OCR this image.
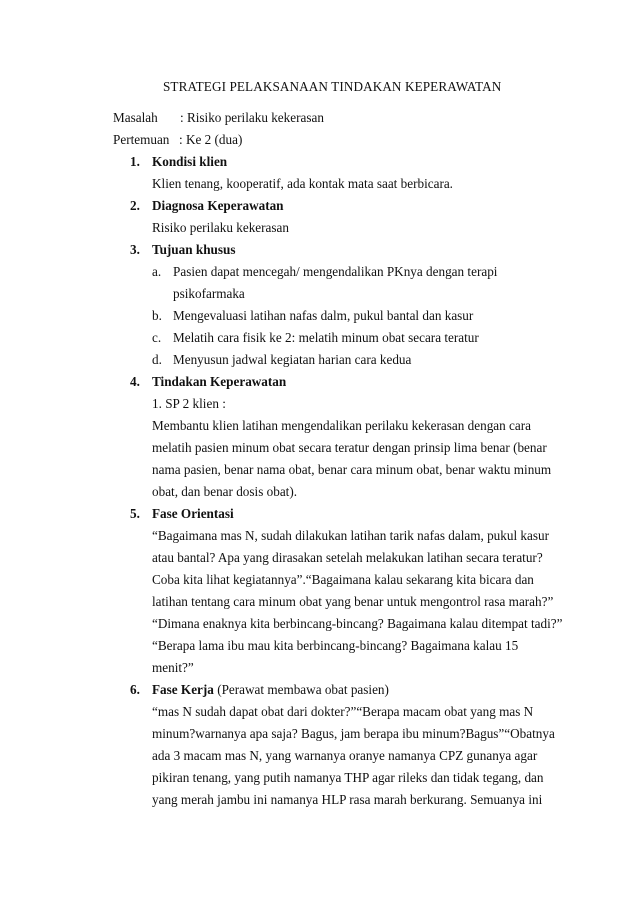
STRATEGI PELAKSANAAN TINDAKAN KEPERAWATAN
Masalah : Risiko perilaku kekerasan
Pertemuan : Ke 2 (dua)
1. Kondisi klien
Klien tenang, kooperatif, ada kontak mata saat berbicara.
2. Diagnosa Keperawatan
Risiko perilaku kekerasan
3. Tujuan khusus
a. Pasien dapat mencegah/ mengendalikan PKnya dengan terapi
psikofarmaka
b. Mengevaluasi latihan nafas dalm, pukul bantal dan kasur
c. Melatih cara fisik ke 2: melatih minum obat secara teratur
d. Menyusun jadwal kegiatan harian cara kedua
4. Tindakan Keperawatan
1. SP 2 klien :
Membantu klien latihan mengendalikan perilaku kekerasan dengan cara
melatih pasien minum obat secara teratur dengan prinsip lima benar (benar
nama pasien, benar nama obat, benar cara minum obat, benar waktu minum
obat, dan benar dosis obat).
5. Fase Orientasi
“Bagaimana mas N, sudah dilakukan latihan tarik nafas dalam, pukul kasur
atau bantal? Apa yang dirasakan setelah melakukan latihan secara teratur?
Coba kita lihat kegiatannya”.“Bagaimana kalau sekarang kita bicara dan
latihan tentang cara minum obat yang benar untuk mengontrol rasa marah?”
“Dimana enaknya kita berbincang-bincang? Bagaimana kalau ditempat tadi?”
“Berapa lama ibu mau kita berbincang-bincang? Bagaimana kalau 15
menit?”
6. Fase Kerja (Perawat membawa obat pasien)
“mas N sudah dapat obat dari dokter?”“Berapa macam obat yang mas N
minum?warnanya apa saja? Bagus, jam berapa ibu minum?Bagus”“Obatnya
ada 3 macam mas N, yang warnanya oranye namanya CPZ gunanya agar
pikiran tenang, yang putih namanya THP agar rileks dan tidak tegang, dan
yang merah jambu ini namanya HLP rasa marah berkurang. Semuanya ini
